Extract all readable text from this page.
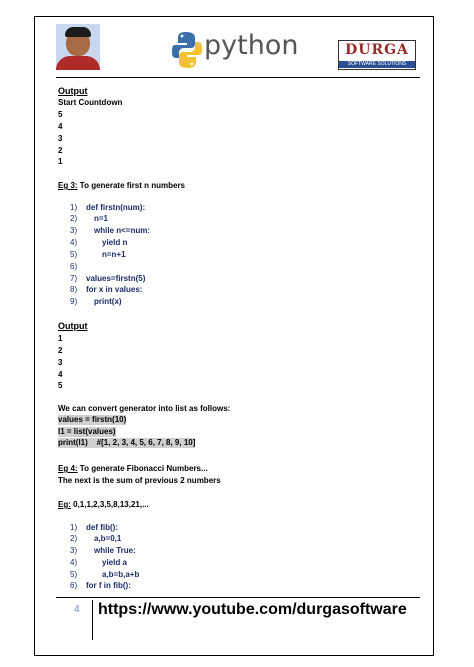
python	DURGA
SOFTWARE SOLUTIONS
Output
Start Countdown
5
4
3
2
1
Eg 3: To generate first n numbers
1) def firstn(num):
2) n=1
3) while n<=num:
4)	yield n
5)	n=n+1
6)
7) values=firstn(5)
8) for x in values:
9) print(x)
Output
1
2
3
4
5
We can convert generator into list as follows:
values = firstn(10)
l1 = list(values)
print(l1)    #[1, 2, 3, 4, 5, 6, 7, 8, 9, 10]
Eg 4: To generate Fibonacci Numbers...
The next is the sum of previous 2 numbers
Eg: 0,1,1,2,3,5,8,13,21,...
1) def fib():
2) a,b=0,1
3) while True:
4)	yield a
5)	a,b=b,a+b
6) for f in fib():
4 https://www.youtube.com/durgasoftware
